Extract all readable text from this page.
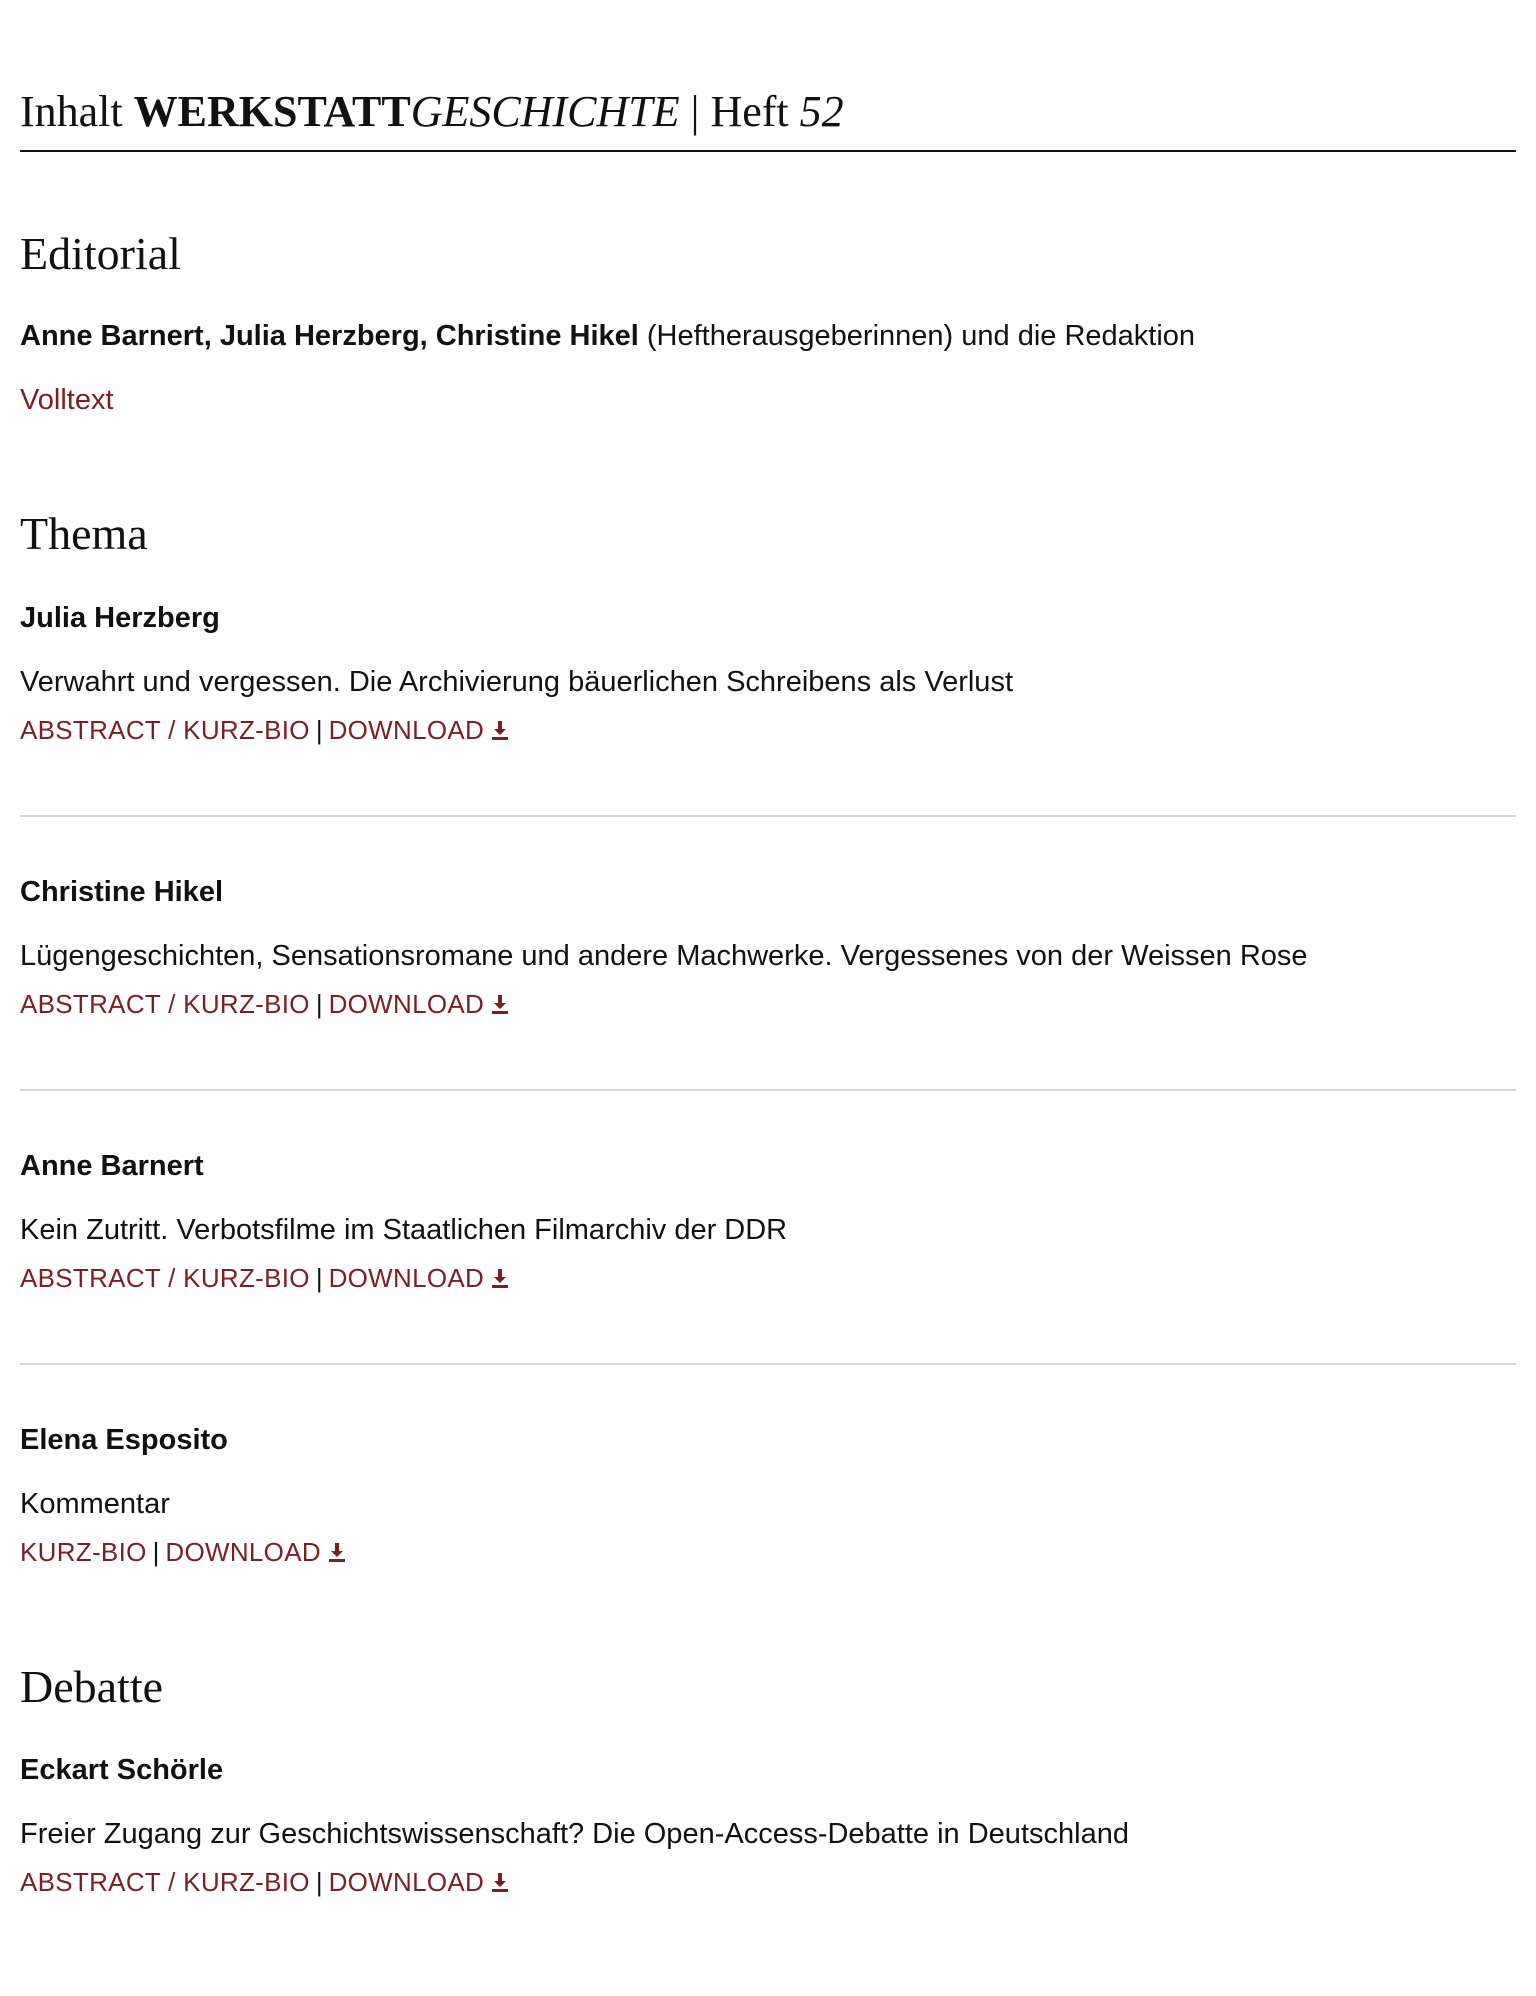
Inhalt WERKSTATTGESCHICHTE | Heft 52
Editorial
Anne Barnert, Julia Herzberg, Christine Hikel (Heftherausgeberinnen) und die Redaktion
Volltext
Thema
Julia Herzberg
Verwahrt und vergessen. Die Archivierung bäuerlichen Schreibens als Verlust
ABSTRACT / KURZ-BIO | DOWNLOAD
Christine Hikel
Lügengeschichten, Sensationsromane und andere Machwerke. Vergessenes von der Weissen Rose
ABSTRACT / KURZ-BIO | DOWNLOAD
Anne Barnert
Kein Zutritt. Verbotsfilme im Staatlichen Filmarchiv der DDR
ABSTRACT / KURZ-BIO | DOWNLOAD
Elena Esposito
Kommentar
KURZ-BIO | DOWNLOAD
Debatte
Eckart Schörle
Freier Zugang zur Geschichtswissenschaft? Die Open-Access-Debatte in Deutschland
ABSTRACT / KURZ-BIO | DOWNLOAD
